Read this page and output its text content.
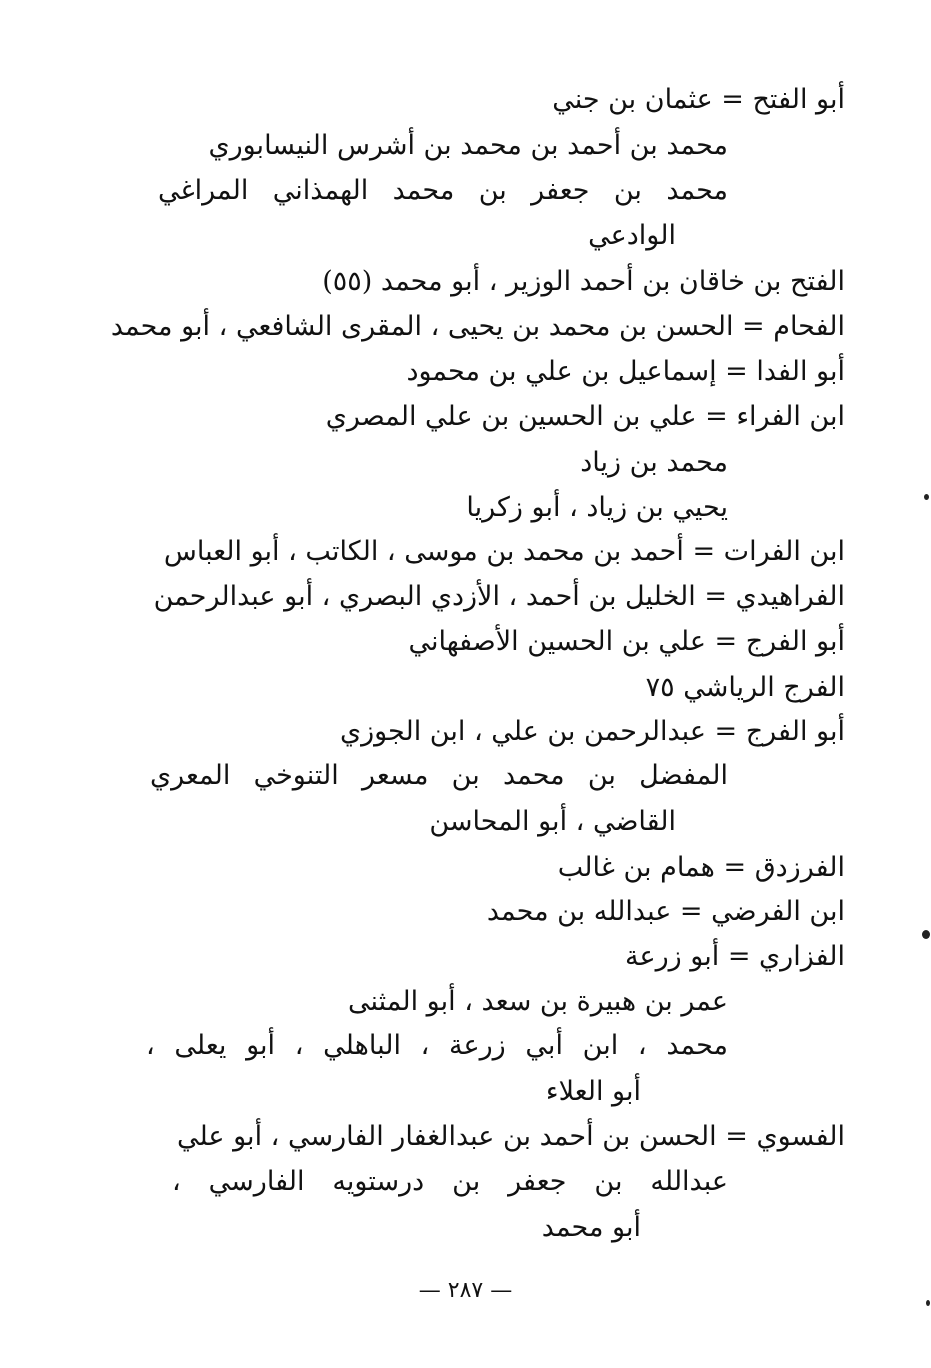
أبو الفتح = عثمان بن جني
محمد بن أحمد بن محمد بن أشرس النيسابوري
محمد بن جعفر بن محمد الهمذاني المراغي
الوادعي
الفتح بن خاقان بن أحمد الوزير ، أبو محمد (٥٥)
الفحام = الحسن بن محمد بن يحيى ، المقرى الشافعي ، أبو محمد
أبو الفدا = إسماعيل بن علي بن محمود
ابن الفراء = علي بن الحسين بن علي المصري
محمد بن زياد
يحيي بن زياد ، أبو زكريا
ابن الفرات = أحمد بن محمد بن موسى ، الكاتب ، أبو العباس
الفراهيدي = الخليل بن أحمد ، الأزدي البصري ، أبو عبدالرحمن
أبو الفرج = علي بن الحسين الأصفهاني
الفرج الرياشي ٧٥
أبو الفرج = عبدالرحمن بن علي ، ابن الجوزي
المفضل بن محمد بن مسعر التنوخي المعري
القاضي ، أبو المحاسن
الفرزدق = همام بن غالب
ابن الفرضي = عبدالله بن محمد
الفزاري = أبو زرعة
عمر بن هبيرة بن سعد ، أبو المثنى
محمد ، ابن أبي زرعة ، الباهلي ، أبو يعلى ،
أبو العلاء
الفسوي = الحسن بن أحمد بن عبدالغفار الفارسي ، أبو علي
عبدالله بن جعفر بن درستويه الفارسي ،
أبو محمد
— ٢٨٧ —
